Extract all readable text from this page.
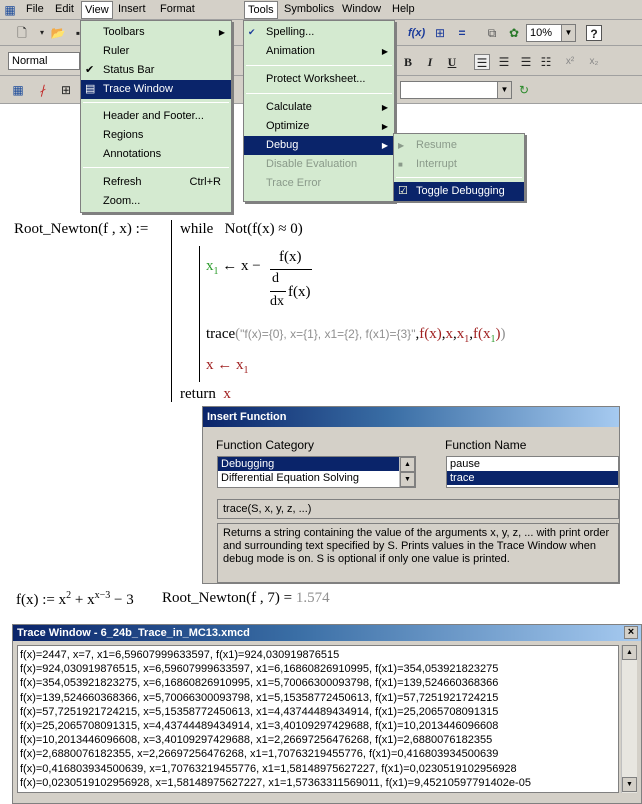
▦ File Edit	View Insert Format	Tools Symbolics Window Help
🗋	▾ 📂 ▪	f(x) ⊞	=	⧉	✿ 10%	▼	?
Normal	B	I	U	☰ ☰ ☰ ☷	x²	x₂
▦	∤	⊞	▼ ↻
Toolbars	▶
Ruler
✔ Status Bar
▤ Trace Window
Header and Footer...
Regions
Annotations
Refresh	Ctrl+R
Zoom...
✔ Spelling...
Animation	▶
Protect Worksheet...
Calculate	▶
Optimize	▶
Debug	▶
Disable Evaluation
Trace Error
▶ Resume
■ Interrupt
☑ Toggle Debugging
Root_Newton(f , x) := while Not(f(x) ≈ 0)
$x_1$ ← x −
f(x)
d
dx
f(x)
trace("f(x)={0}, x={1}, x1={2}, $f(x1)=\{3\}",f(x),x,x_1,f(x_1)$)
x ← $x_1$
return x
Insert Function
Function Category	Function Name
Debugging
Differential Equation Solving
▲
▼
pause
trace
trace(S, x, y, z, ...)
Returns a string containing the value of the arguments x, y, z, ... with print order and surrounding text specified by S. Prints values in the Trace Window when debug mode is on. S is optional if only one value is printed.
f(x) := $x^2 + x^{x-3} - 3$ Root_Newton(f , 7) = 1.574
Trace Window - 6_24b_Trace_in_MC13.xmcd	×
f(x)=2447, x=7, x1=6,59607999633597, f(x1)=924,030919876515
f(x)=924,030919876515, x=6,59607999633597, x1=6,16860826910995, f(x1)=354,053921823275
f(x)=354,053921823275, x=6,16860826910995, x1=5,70066300093798, f(x1)=139,524660368366
f(x)=139,524660368366, x=5,70066300093798, x1=5,15358772450613, f(x1)=57,7251921724215
f(x)=57,7251921724215, x=5,15358772450613, x1=4,43744489434914, f(x1)=25,2065708091315
f(x)=25,2065708091315, x=4,43744489434914, x1=3,40109297429688, f(x1)=10,2013446096608
f(x)=10,2013446096608, x=3,40109297429688, x1=2,26697256476268, f(x1)=2,6880076182355
f(x)=2,6880076182355, x=2,26697256476268, x1=1,70763219455776, f(x1)=0,416803934500639
f(x)=0,416803934500639, x=1,70763219455776, x1=1,58148975627227, f(x1)=0,0230519102956928
f(x)=0,0230519102956928, x=1,58148975627227, x1=1,57363311569011, f(x1)=9,45210597791402e-05
▲
▼
